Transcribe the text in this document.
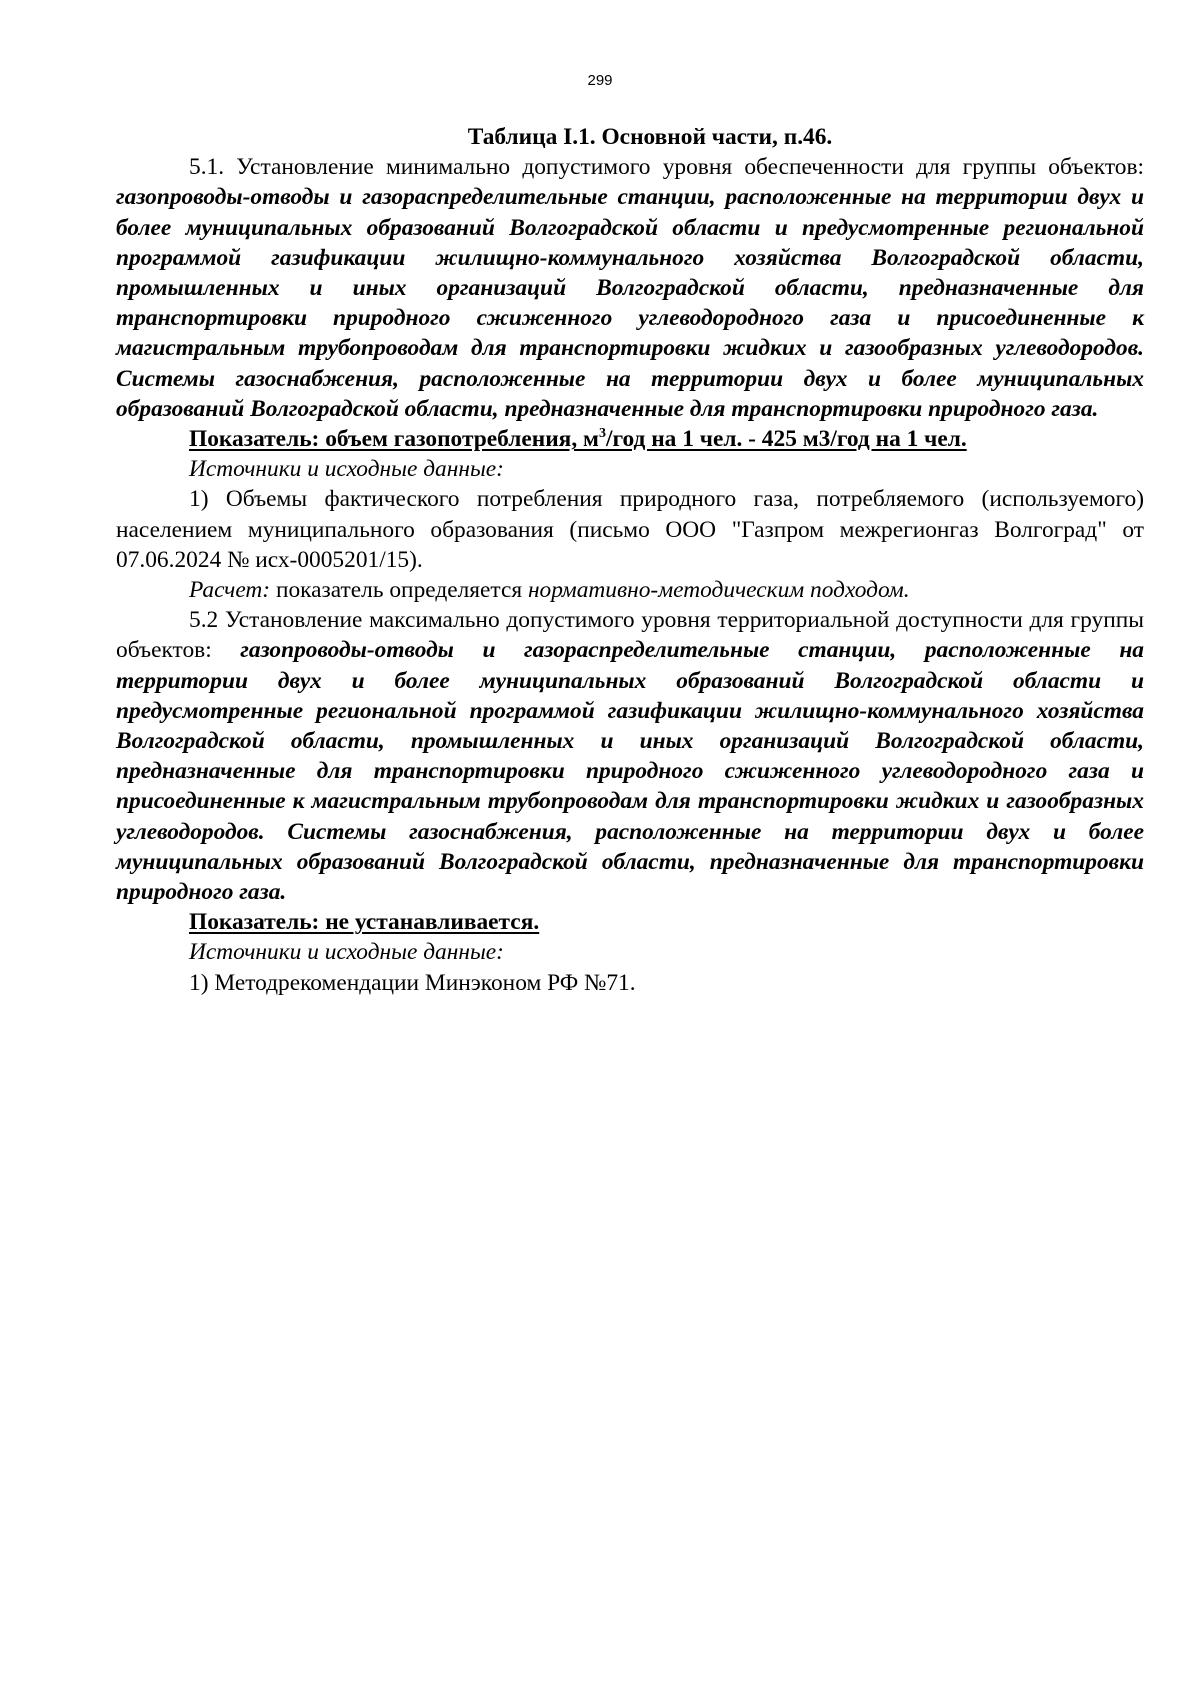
299

Таблица I.1. Основной части, п.46.

5.1. Установление минимально допустимого уровня обеспеченности для группы объектов: газопроводы-отводы и газораспределительные станции, расположенные на территории двух и более муниципальных образований Волгоградской области и предусмотренные региональной программой газификации жилищно-коммунального хозяйства Волгоградской области, промышленных и иных организаций Волгоградской области, предназначенные для транспортировки природного сжиженного углеводородного газа и присоединенные к магистральным трубопроводам для транспортировки жидких и газообразных углеводородов. Системы газоснабжения, расположенные на территории двух и более муниципальных образований Волгоградской области, предназначенные для транспортировки природного газа.

Показатель: объем газопотребления, $м^3$/год на 1 чел. - 425 м3/год на 1 чел.

Источники и исходные данные:

1) Объемы фактического потребления природного газа, потребляемого (используемого) населением муниципального образования (письмо ООО "Газпром межрегионгаз Волгоград" от 07.06.2024 № исх-0005201/15).

Расчет: показатель определяется нормативно-методическим подходом.

5.2 Установление максимально допустимого уровня территориальной доступности для группы объектов: газопроводы-отводы и газораспределительные станции, расположенные на территории двух и более муниципальных образований Волгоградской области и предусмотренные региональной программой газификации жилищно-коммунального хозяйства Волгоградской области, промышленных и иных организаций Волгоградской области, предназначенные для транспортировки природного сжиженного углеводородного газа и присоединенные к магистральным трубопроводам для транспортировки жидких и газообразных углеводородов. Системы газоснабжения, расположенные на территории двух и более муниципальных образований Волгоградской области, предназначенные для транспортировки природного газа.

Показатель: не устанавливается.

Источники и исходные данные:

1) Методрекомендации Минэконом РФ №71.
